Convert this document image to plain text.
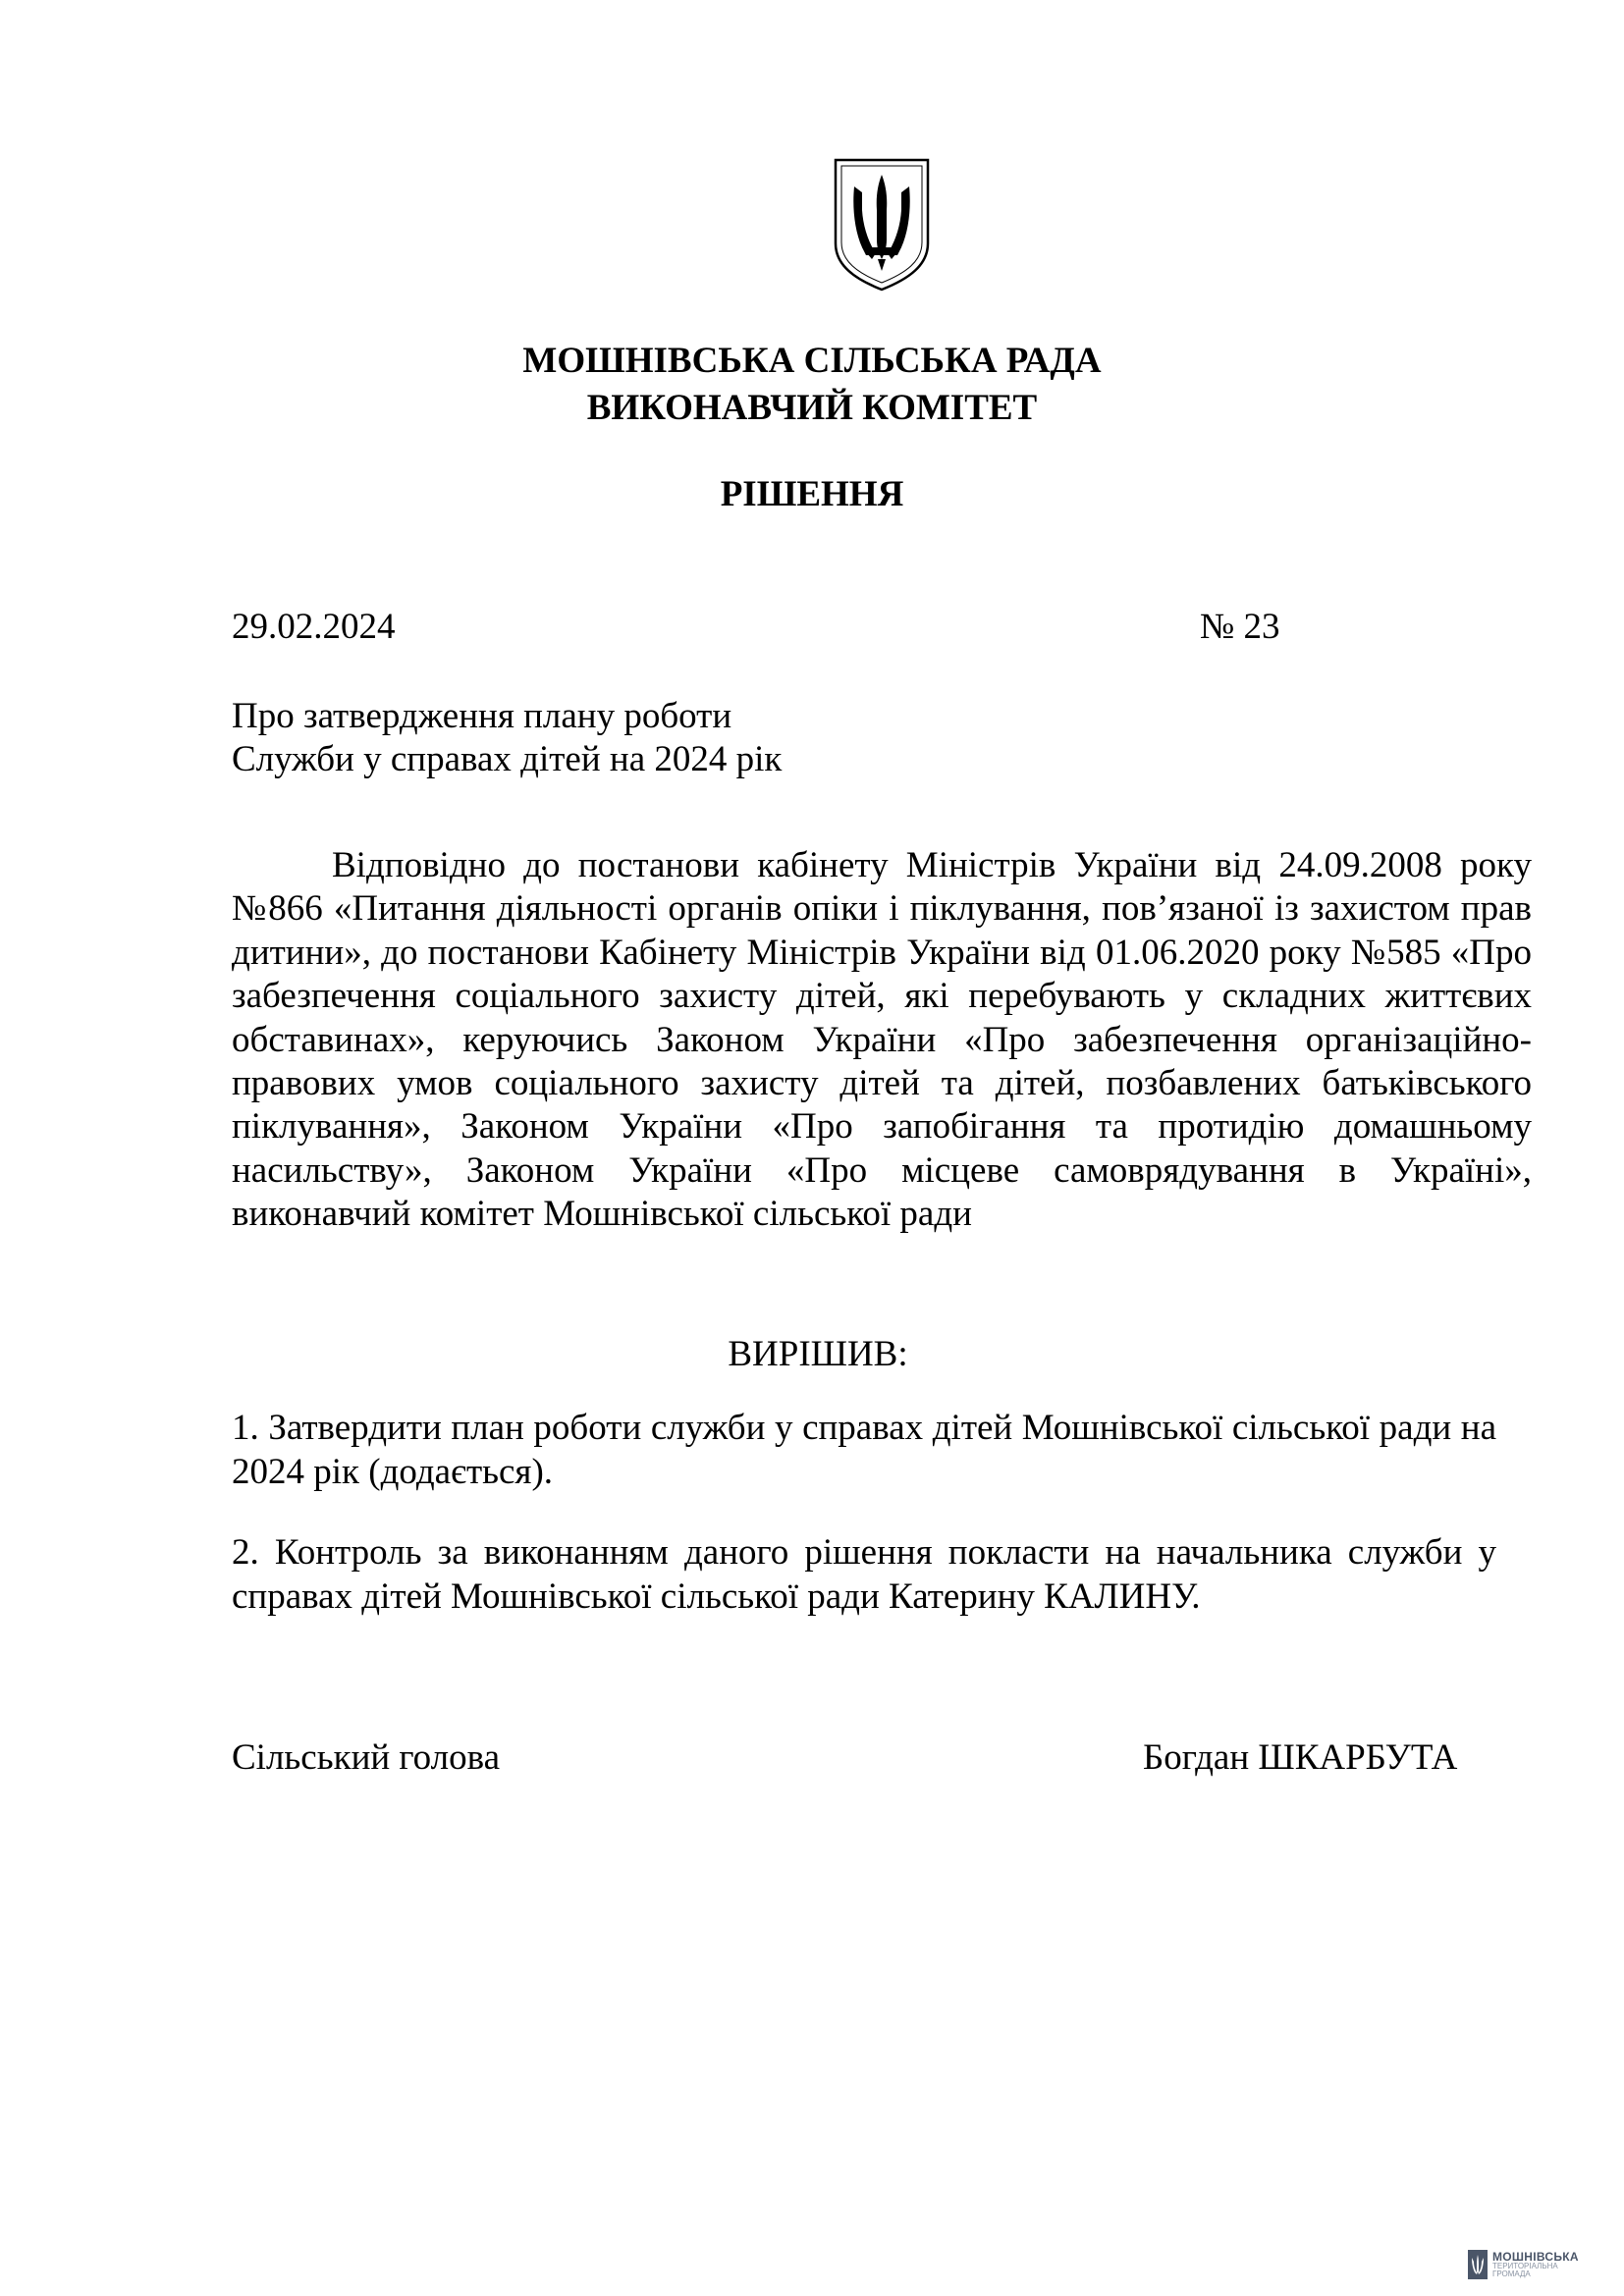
МОШНІВСЬКА СІЛЬСЬКА РАДА
ВИКОНАВЧИЙ КОМІТЕТ
РІШЕННЯ
29.02.2024	№ 23
Про затвердження плану роботи
Служби у справах дітей на 2024 рік

Відповідно до постанови кабінету Міністрів України від 24.09.2008 року №866 «Питання діяльності органів опіки і піклування, пов’язаної із захистом прав дитини», до постанови Кабінету Міністрів України від 01.06.2020 року №585 «Про забезпечення соціального захисту дітей, які перебувають у складних життєвих обставинах», керуючись Законом України «Про забезпечення організаційно-правових умов соціального захисту дітей та дітей, позбавлених батьківського піклування», Законом України «Про запобігання та протидію домашньому насильству», Законом України «Про місцеве самоврядування в Україні», виконавчий комітет Мошнівської сільської ради

ВИРІШИВ:

1. Затвердити план роботи служби у справах дітей Мошнівської сільської ради на 2024 рік (додається).

2. Контроль за виконанням даного рішення покласти на начальника служби у справах дітей Мошнівської сільської ради Катерину КАЛИНУ.

Сільський голова	Богдан ШКАРБУТА
МОШНІВСЬКА
ТЕРИТОРІАЛЬНА
ГРОМАДА
